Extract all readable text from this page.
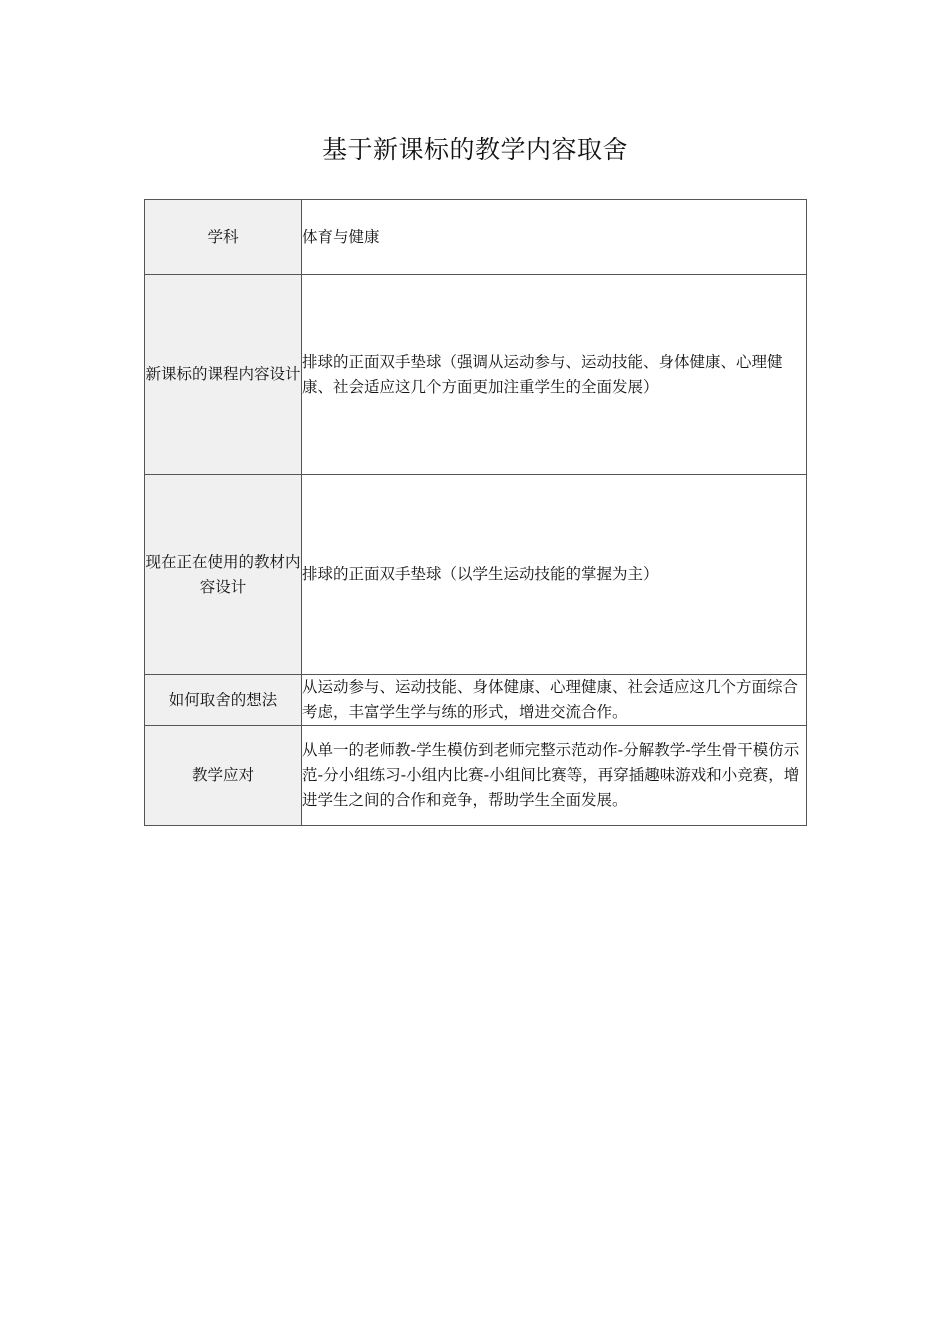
基于新课标的教学内容取舍
学科	体育与健康
新课标的课程内容设计	排球的正面双手垫球（强调从运动参与、运动技能、身体健康、心理健康、社会适应这几个方面更加注重学生的全面发展）
现在正在使用的教材内容设计	排球的正面双手垫球（以学生运动技能的掌握为主）
如何取舍的想法	从运动参与、运动技能、身体健康、心理健康、社会适应这几个方面综合考虑，丰富学生学与练的形式，增进交流合作。
教学应对	从单一的老师教-学生模仿到老师完整示范动作-分解教学-学生骨干模仿示范-分小组练习-小组内比赛-小组间比赛等，再穿插趣味游戏和小竞赛，增进学生之间的合作和竞争，帮助学生全面发展。
